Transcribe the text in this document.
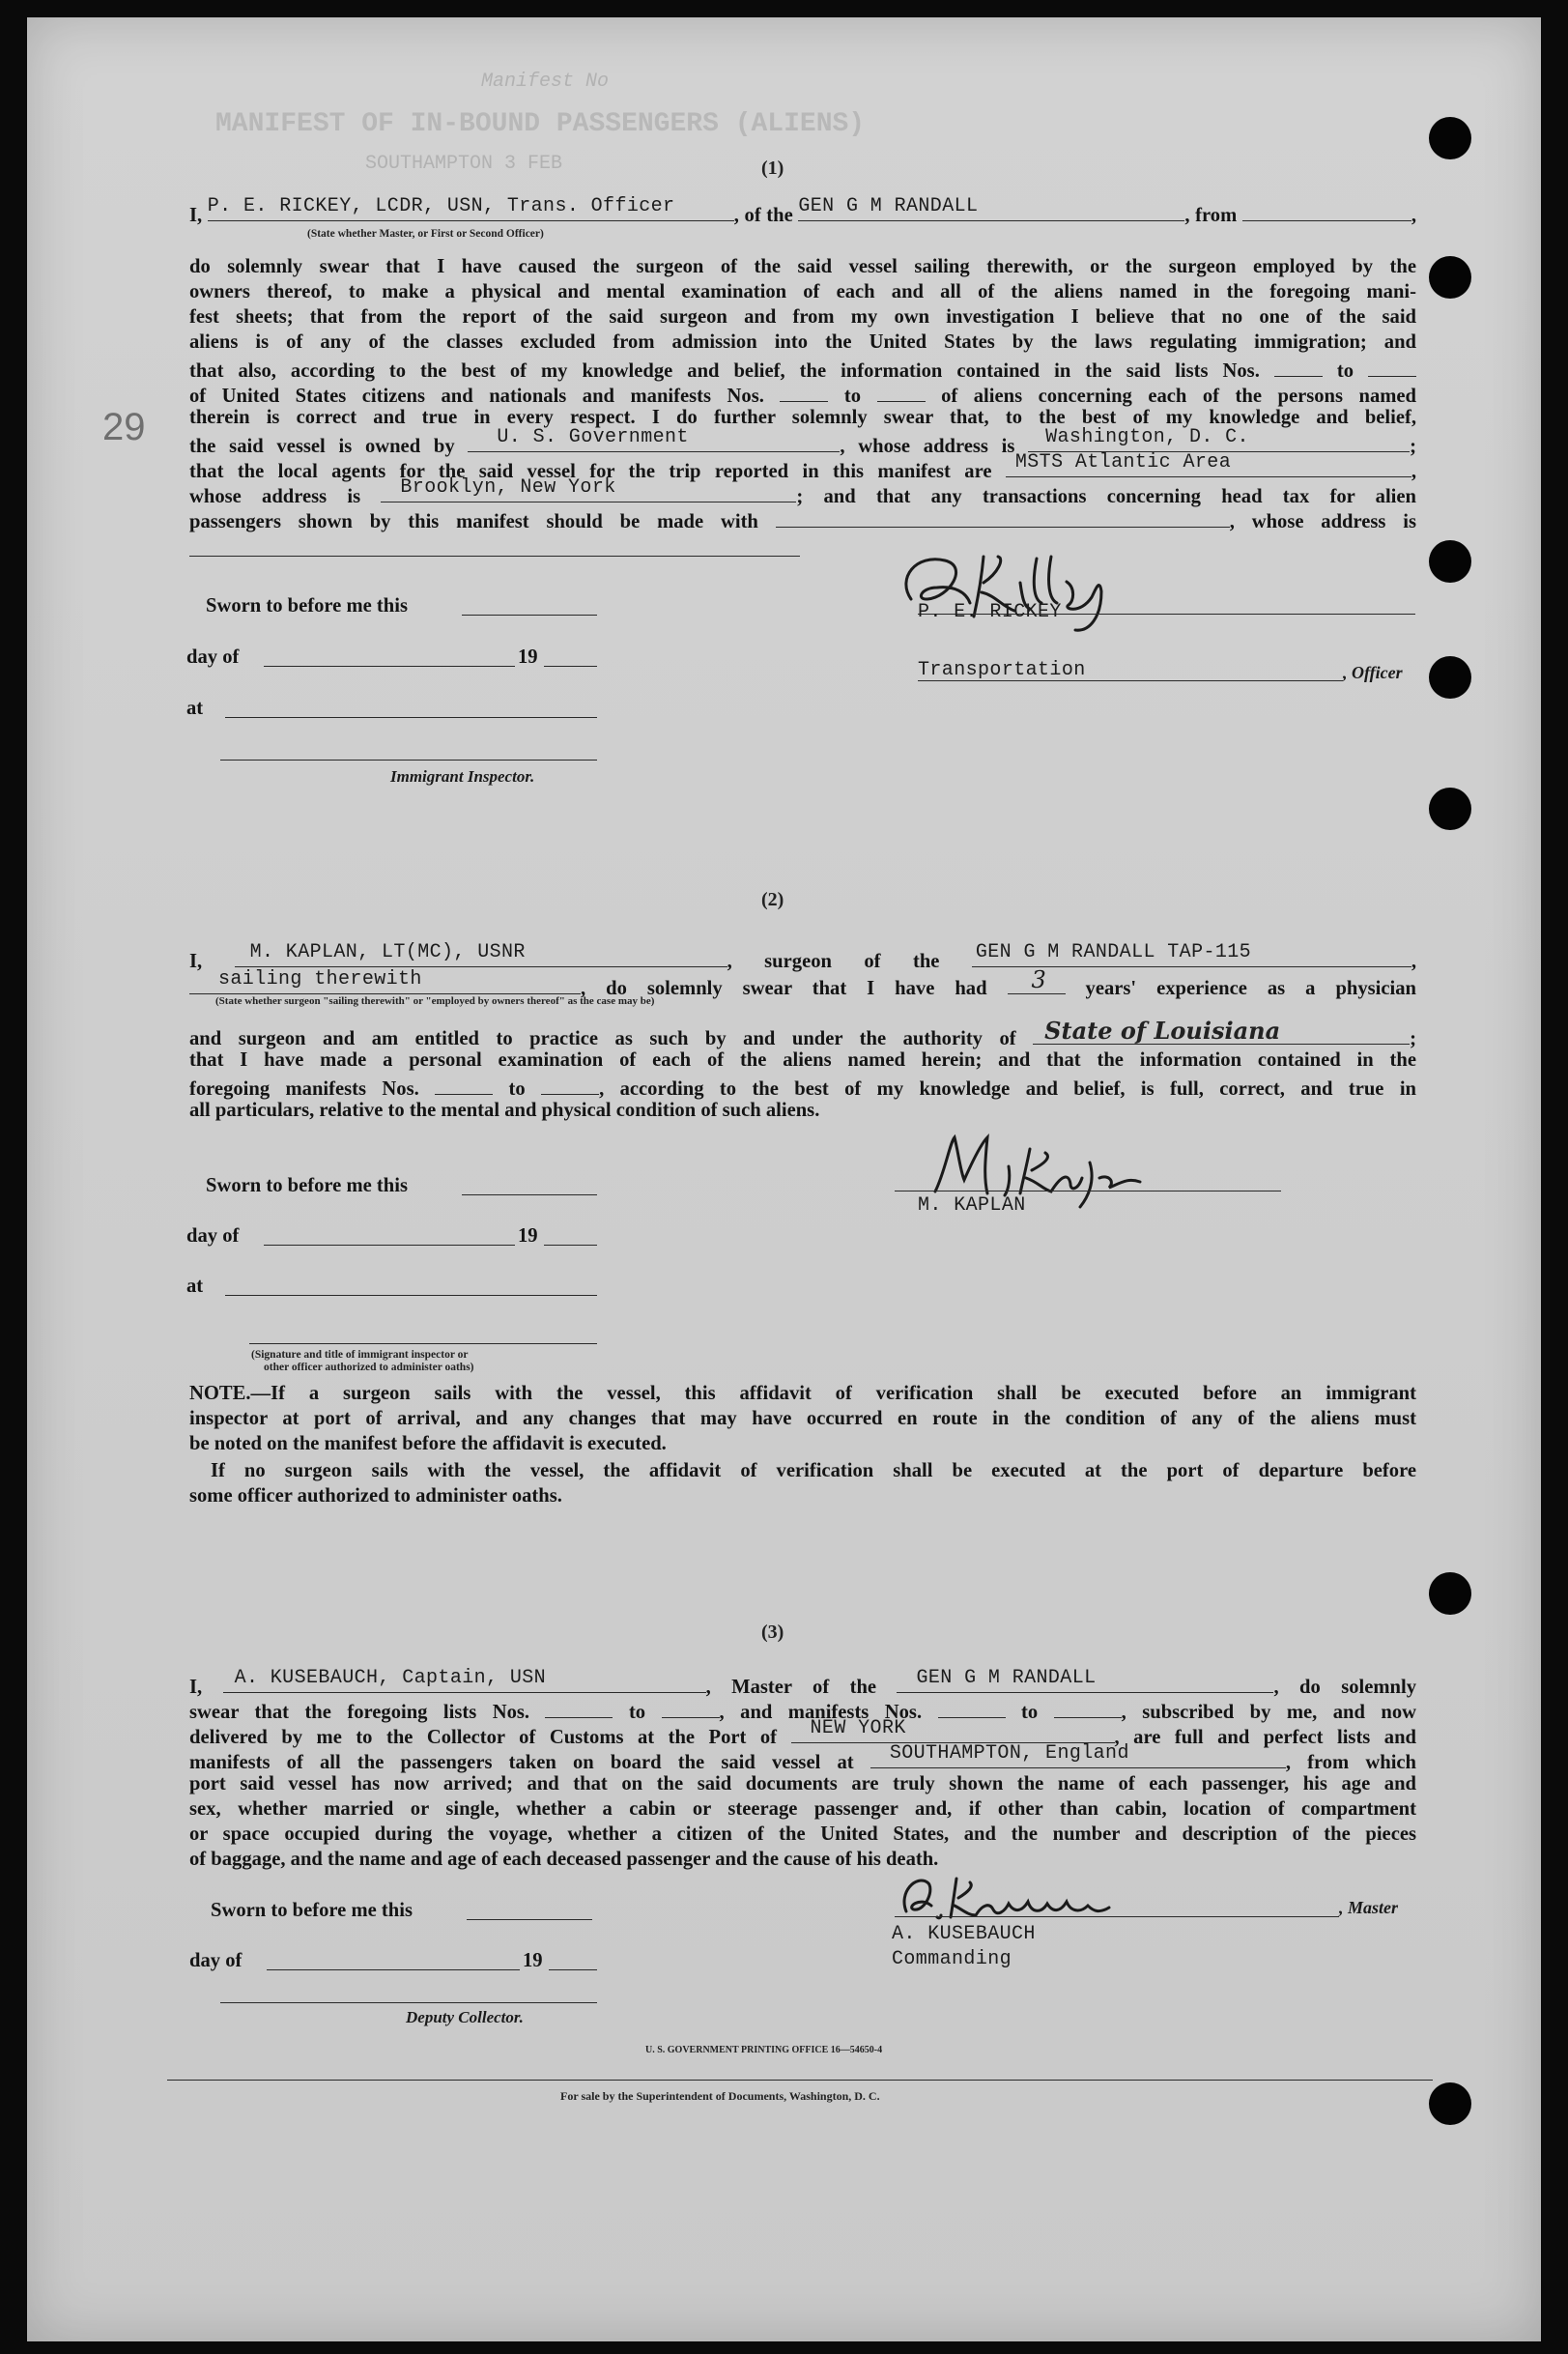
Manifest No
MANIFEST OF IN-BOUND PASSENGERS (ALIENS)
SOUTHAMPTON 3 FEB
29
(1)
I, P. E. RICKEY, LCDR, USN, Trans. Officer	, of the GEN G M RANDALL	, from	,
(State whether Master, or First or Second Officer)
do solemnly swear that I have caused the surgeon of the said vessel sailing therewith, or the surgeon employed by the
owners thereof, to make a physical and mental examination of each and all of the aliens named in the foregoing mani-
fest sheets; that from the report of the said surgeon and from my own investigation I believe that no one of the said
aliens is of any of the classes excluded from admission into the United States by the laws regulating immigration; and
that also, according to the best of my knowledge and belief, the information contained in the said lists Nos.	to
of United States citizens and nationals and manifests Nos.	to	of aliens concerning each of the persons named
therein is correct and true in every respect. I do further solemnly swear that, to the best of my knowledge and belief,
the said vessel is owned by U. S. Government	, whose address is Washington, D. C.	;
that the local agents for the said vessel for the trip reported in this manifest are MSTS Atlantic Area	,
whose address is Brooklyn, New York	; and that any transactions concerning head tax for alien
passengers shown by this manifest should be made with	, whose address is
Sworn to before me this
day of	19
at
Immigrant Inspector.
P. E. RICKEY
Transportation	, Officer
(2)
I, M. KAPLAN, LT(MC), USNR	, surgeon of the GEN G M RANDALL TAP-115	,
sailing therewith	, do solemnly swear that I have had 3 years' experience as a physician
(State whether surgeon "sailing therewith" or "employed by owners thereof" as the case may be)
and surgeon and am entitled to practice as such by and under the authority of State of Louisiana	;
that I have made a personal examination of each of the aliens named herein; and that the information contained in the
foregoing manifests Nos.	to	, according to the best of my knowledge and belief, is full, correct, and true in
all particulars, relative to the mental and physical condition of such aliens.
Sworn to before me this
day of	19
at
(Signature and title of immigrant inspector or
other officer authorized to administer oaths)
M. KAPLAN
NOTE.—If a surgeon sails with the vessel, this affidavit of verification shall be executed before an immigrant
inspector at port of arrival, and any changes that may have occurred en route in the condition of any of the aliens must
be noted on the manifest before the affidavit is executed.
If no surgeon sails with the vessel, the affidavit of verification shall be executed at the port of departure before
some officer authorized to administer oaths.
(3)
I, A. KUSEBAUCH, Captain, USN	, Master of the GEN G M RANDALL	, do solemnly
swear that the foregoing lists Nos.	to	, and manifests Nos.	to	, subscribed by me, and now
delivered by me to the Collector of Customs at the Port of NEW YORK	, are full and perfect lists and
manifests of all the passengers taken on board the said vessel at SOUTHAMPTON, England	, from which
port said vessel has now arrived; and that on the said documents are truly shown the name of each passenger, his age and
sex, whether married or single, whether a cabin or steerage passenger and, if other than cabin, location of compartment
or space occupied during the voyage, whether a citizen of the United States, and the number and description of the pieces
of baggage, and the name and age of each deceased passenger and the cause of his death.
Sworn to before me this
day of	19
Deputy Collector.
, Master
A. KUSEBAUCH
Commanding
U. S. GOVERNMENT PRINTING OFFICE 16—54650-4
For sale by the Superintendent of Documents, Washington, D. C.
